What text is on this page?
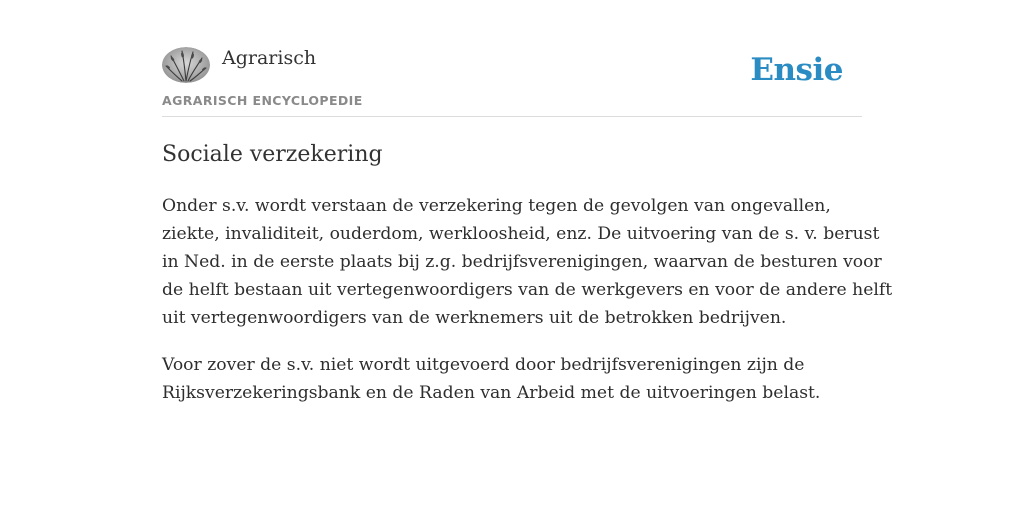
Agrarisch
AGRARISCH ENCYCLOPEDIE
Ensie
Sociale verzekering

Onder s.v. wordt verstaan de verzekering tegen de gevolgen van ongevallen,
ziekte, invaliditeit, ouderdom, werkloosheid, enz. De uitvoering van de s. v. berust
in Ned. in de eerste plaats bij z.g. bedrijfsverenigingen, waarvan de besturen voor
de helft bestaan uit vertegenwoordigers van de werkgevers en voor de andere helft
uit vertegenwoordigers van de werknemers uit de betrokken bedrijven.

Voor zover de s.v. niet wordt uitgevoerd door bedrijfsverenigingen zijn de
Rijksverzekeringsbank en de Raden van Arbeid met de uitvoeringen belast.
